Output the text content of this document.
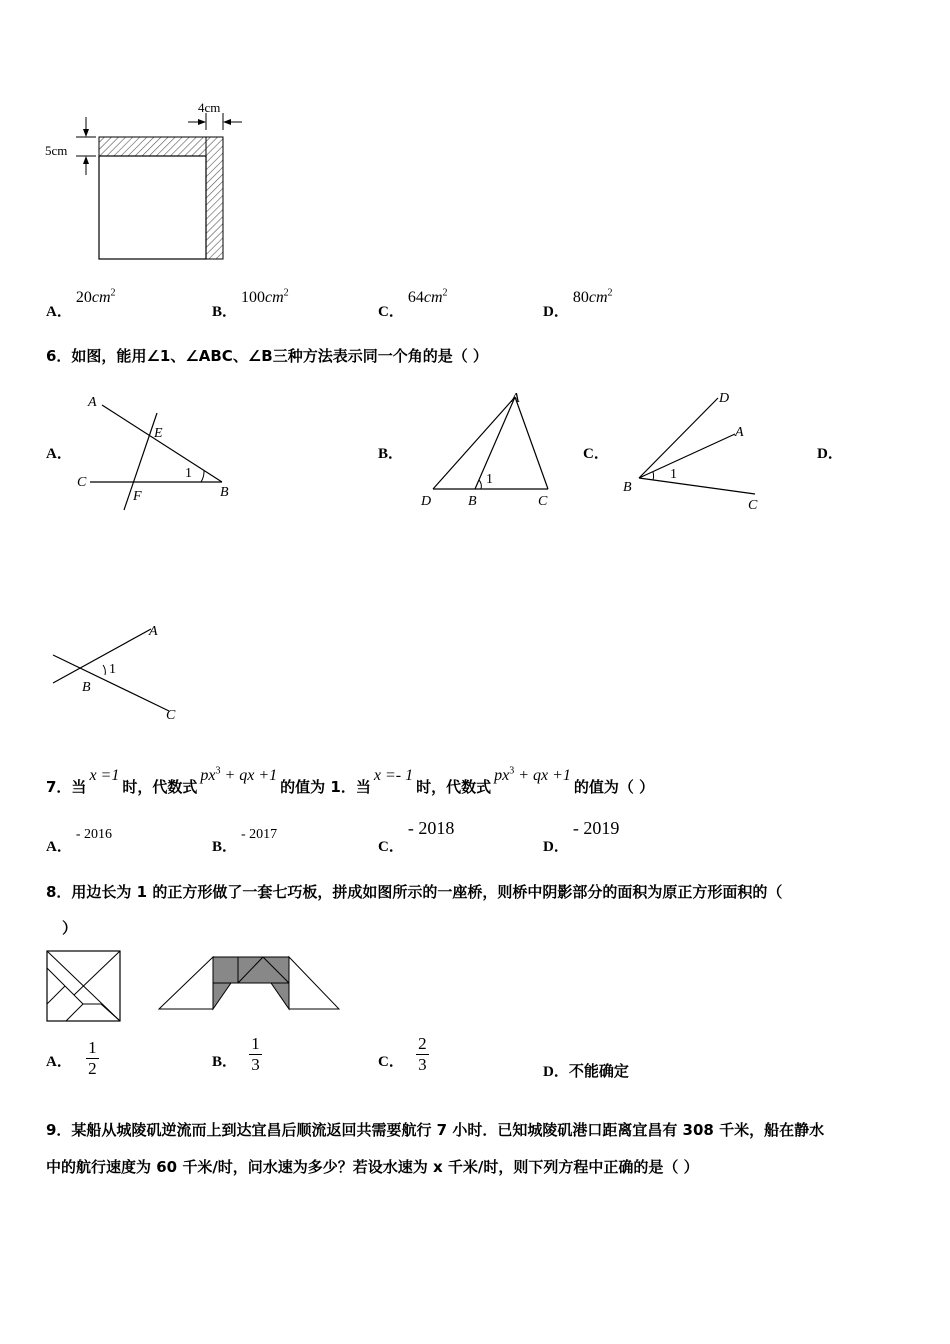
4cm
5cm
A．$20cm^2$
B．$100cm^2$
C．$64cm^2$
D．$80cm^2$
6．如图，能用∠1、∠ABC、∠B三种方法表示同一个角的是（ ）
A．	B．	C．	D．
A
E
C
F	B
1
A
D	B	C
1
D
A
B
C
1
A
B
C
1
7．当x =1时，代数式$px^3$ + qx +1的值为 1．当x =- 1时，代数式$px^3$ + qx +1的值为（ ）
A．- 2016
B．- 2017
C．- 2018
D．- 2019
8．用边长为 1 的正方形做了一套七巧板，拼成如图所示的一座桥，则桥中阴影部分的面积为原正方形面积的（
）
A． $\frac{1}{2}$	B． $\frac{1}{3}$	C． $\frac{2}{3}$	D．不能确定
9．某船从城陵矶逆流而上到达宜昌后顺流返回共需要航行 7 小时．已知城陵矶港口距离宜昌有 308 千米，船在静水
中的航行速度为 60 千米/时，问水速为多少？若设水速为 x 千米/时，则下列方程中正确的是（ ）
